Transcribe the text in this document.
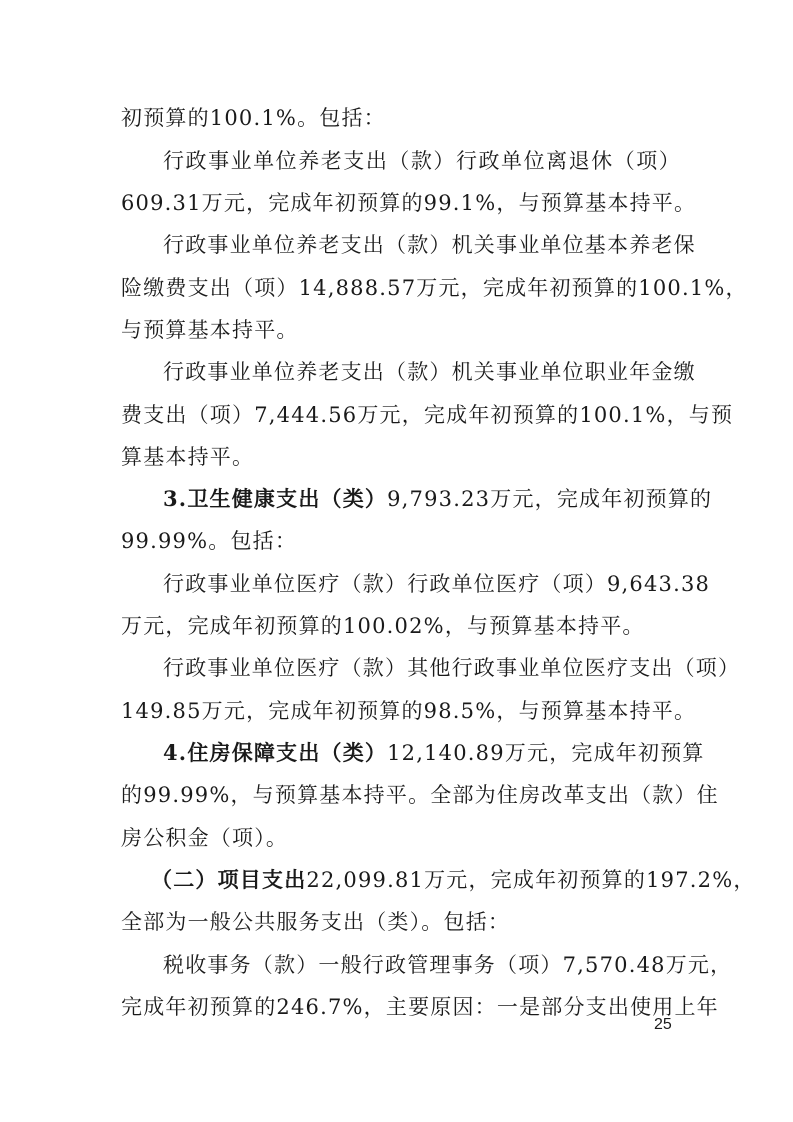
初预算的100.1%。包括：
行政事业单位养老支出（款）行政单位离退休（项）
609.31万元，完成年初预算的99.1%，与预算基本持平。
行政事业单位养老支出（款）机关事业单位基本养老保
险缴费支出（项）14,888.57万元，完成年初预算的100.1%，
与预算基本持平。
行政事业单位养老支出（款）机关事业单位职业年金缴
费支出（项）7,444.56万元，完成年初预算的100.1%，与预
算基本持平。
3.卫生健康支出（类）9,793.23万元，完成年初预算的
99.99%。包括：
行政事业单位医疗（款）行政单位医疗（项）9,643.38
万元，完成年初预算的100.02%，与预算基本持平。
行政事业单位医疗（款）其他行政事业单位医疗支出（项）
149.85万元，完成年初预算的98.5%，与预算基本持平。
4.住房保障支出（类）12,140.89万元，完成年初预算
的99.99%，与预算基本持平。全部为住房改革支出（款）住
房公积金（项）。
（二）项目支出22,099.81万元，完成年初预算的197.2%，
全部为一般公共服务支出（类）。包括：
税收事务（款）一般行政管理事务（项）7,570.48万元，
完成年初预算的246.7%，主要原因：一是部分支出使用上年
25
